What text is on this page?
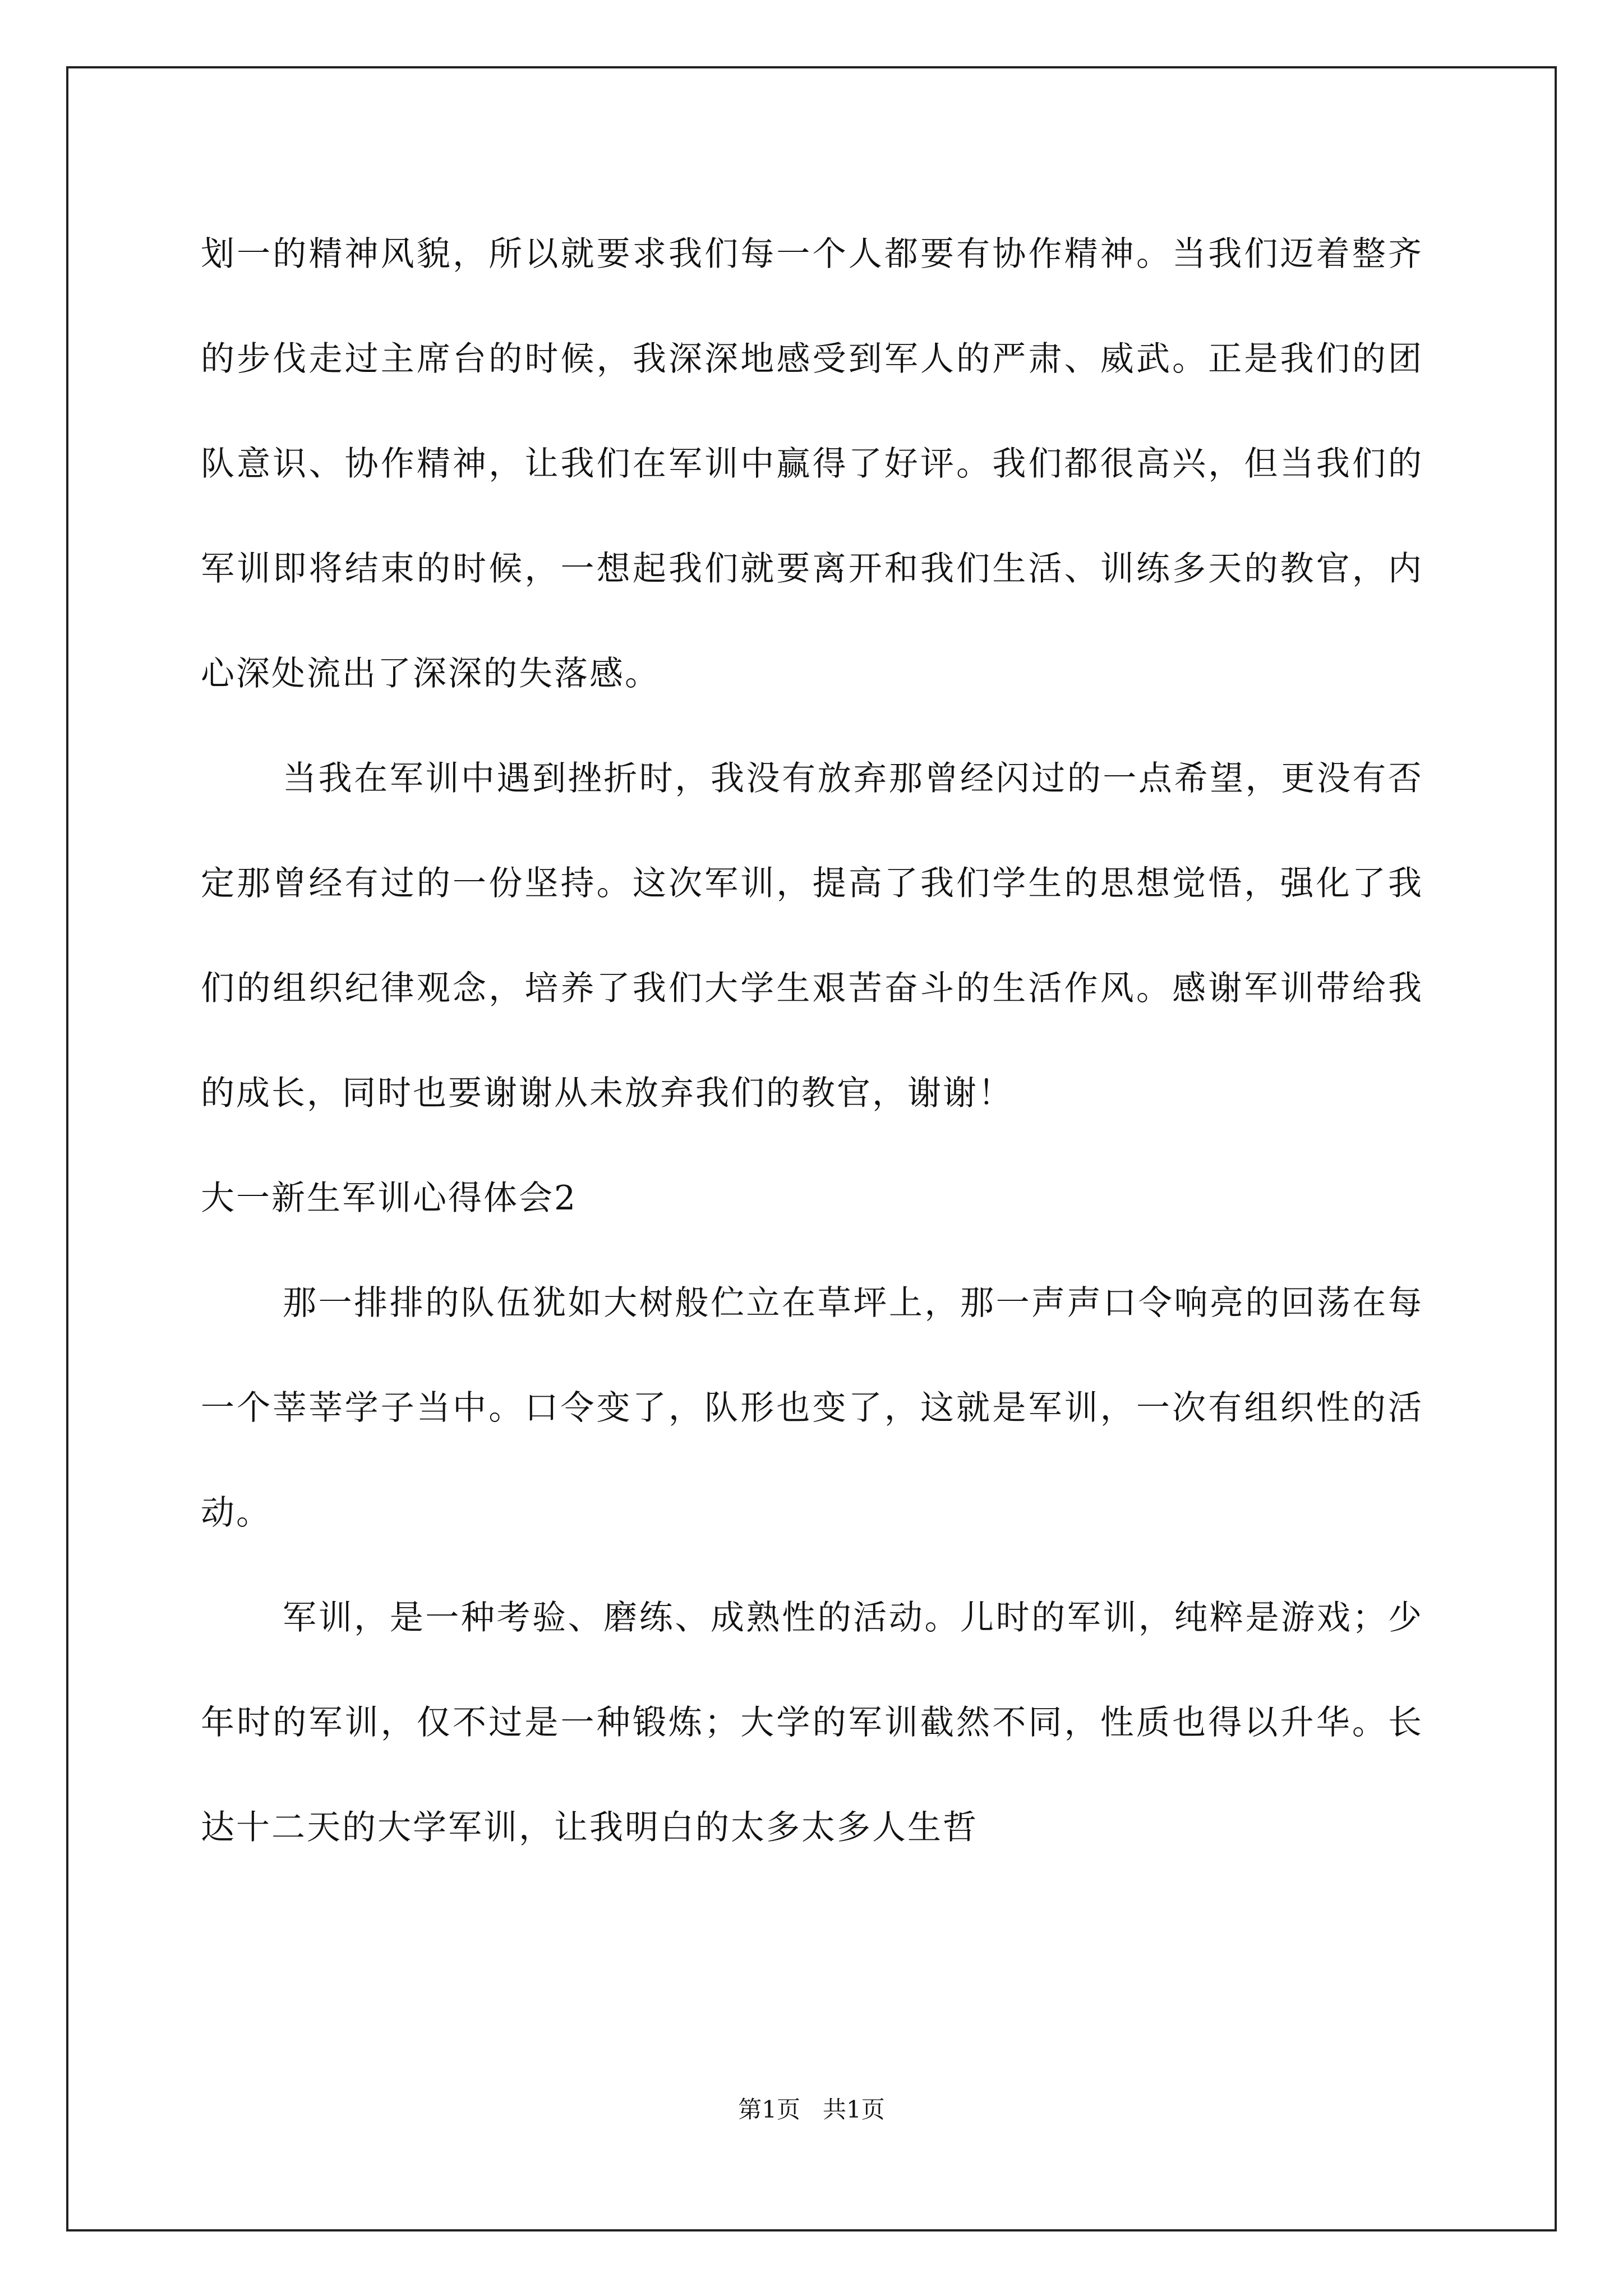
划一的精神风貌，所以就要求我们每一个人都要有协作精神。当我们迈着整齐的步伐走过主席台的时候，我深深地感受到军人的严肃、威武。正是我们的团队意识、协作精神，让我们在军训中赢得了好评。我们都很高兴，但当我们的军训即将结束的时候，一想起我们就要离开和我们生活、训练多天的教官，内心深处流出了深深的失落感。

当我在军训中遇到挫折时，我没有放弃那曾经闪过的一点希望，更没有否定那曾经有过的一份坚持。这次军训，提高了我们学生的思想觉悟，强化了我们的组织纪律观念，培养了我们大学生艰苦奋斗的生活作风。感谢军训带给我的成长，同时也要谢谢从未放弃我们的教官，谢谢！

大一新生军训心得体会2

那一排排的队伍犹如大树般伫立在草坪上，那一声声口令响亮的回荡在每一个莘莘学子当中。口令变了，队形也变了，这就是军训，一次有组织性的活动。

军训，是一种考验、磨练、成熟性的活动。儿时的军训，纯粹是游戏；少年时的军训，仅不过是一种锻炼；大学的军训截然不同，性质也得以升华。长达十二天的大学军训，让我明白的太多太多人生哲

第1页 共1页
